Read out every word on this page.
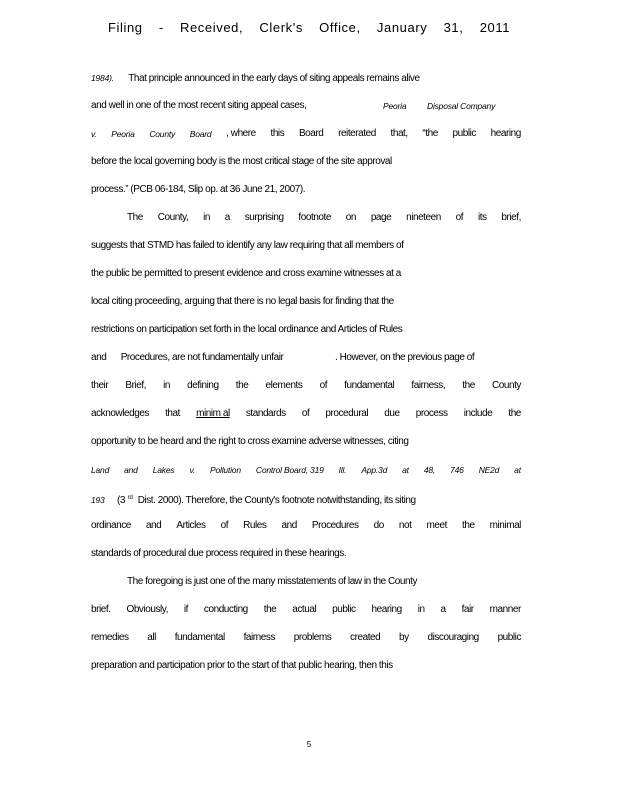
Filing - Received, Clerk's Office, January 31, 2011
1984). That principle announced in the early days of siting appeals remains alive
and well in one of the most recent siting appeal cases,	Peoria Disposal Company
v. Peoria County Board , where this Board reiterated that, “the public hearing
before the local governing body is the most critical stage of the site approval
process.” (PCB 06-184, Slip op. at 36 June 21, 2007).
The County, in a surprising footnote on page nineteen of its brief,
suggests that STMD has failed to identify any law requiring that all members of
the public be permitted to present evidence and cross examine witnesses at a
local citing proceeding, arguing that there is no legal basis for finding that the
restrictions on participation set forth in the local ordinance and Articles of Rules
and Procedures, are not fundamentally unfair	. However, on the previous page of
their Brief, in defining the elements of fundamental fairness, the County
acknowledges that minim al standards of procedural due process include the
opportunity to be heard and the right to cross examine adverse witnesses, citing
Land and Lakes v. Pollution Control Board, 319 Ill. App.3d at 48, 746 NE2d at
193 (3 $^{rd}$ Dist. 2000). Therefore, the County's footnote notwithstanding, its siting
ordinance and Articles of Rules and Procedures do not meet the minimal
standards of procedural due process required in these hearings.
The foregoing is just one of the many misstatements of law in the County
brief. Obviously, if conducting the actual public hearing in a fair manner
remedies all fundamental fairness problems created by discouraging public
preparation and participation prior to the start of that public hearing, then this
5
